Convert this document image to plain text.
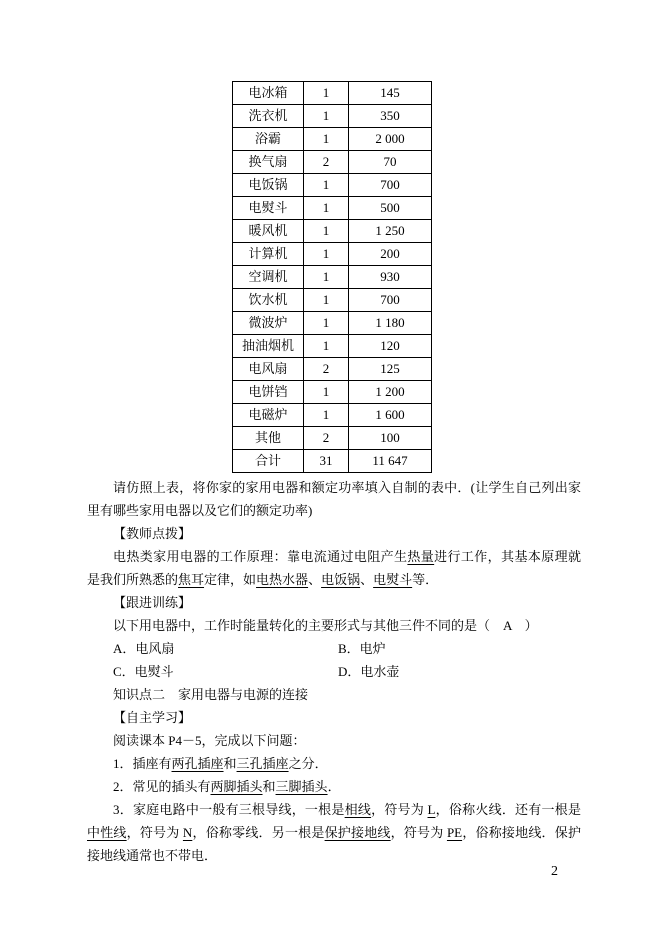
电冰箱	1	145
洗衣机	1	350
浴霸	1	2 000
换气扇	2	70
电饭锅	1	700
电熨斗	1	500
暖风机	1	1 250
计算机	1	200
空调机	1	930
饮水机	1	700
微波炉	1	1 180
抽油烟机	1	120
电风扇	2	125
电饼铛	1	1 200
电磁炉	1	1 600
其他	2	100
合计	31	11 647

请仿照上表，将你家的家用电器和额定功率填入自制的表中．(让学生自己列出家里有哪些家用电器以及它们的额定功率)

【教师点拨】

电热类家用电器的工作原理：靠电流通过电阻产生热量进行工作，其基本原理就是我们所熟悉的焦耳定律，如电热水器、电饭锅、电熨斗等．

【跟进训练】

以下用电器中，工作时能量转化的主要形式与其他三件不同的是（　A　）

A．电风扇	B．电炉

C．电熨斗	D．电水壶

知识点二　家用电器与电源的连接

【自主学习】

阅读课本 P4－5，完成以下问题：

1．插座有两孔插座和三孔插座之分．

2．常见的插头有两脚插头和三脚插头．

3．家庭电路中一般有三根导线，一根是相线，符号为 L，俗称火线．还有一根是中性线，符号为 N，俗称零线．另一根是保护接地线，符号为 PE，俗称接地线．保护接地线通常也不带电．

2
